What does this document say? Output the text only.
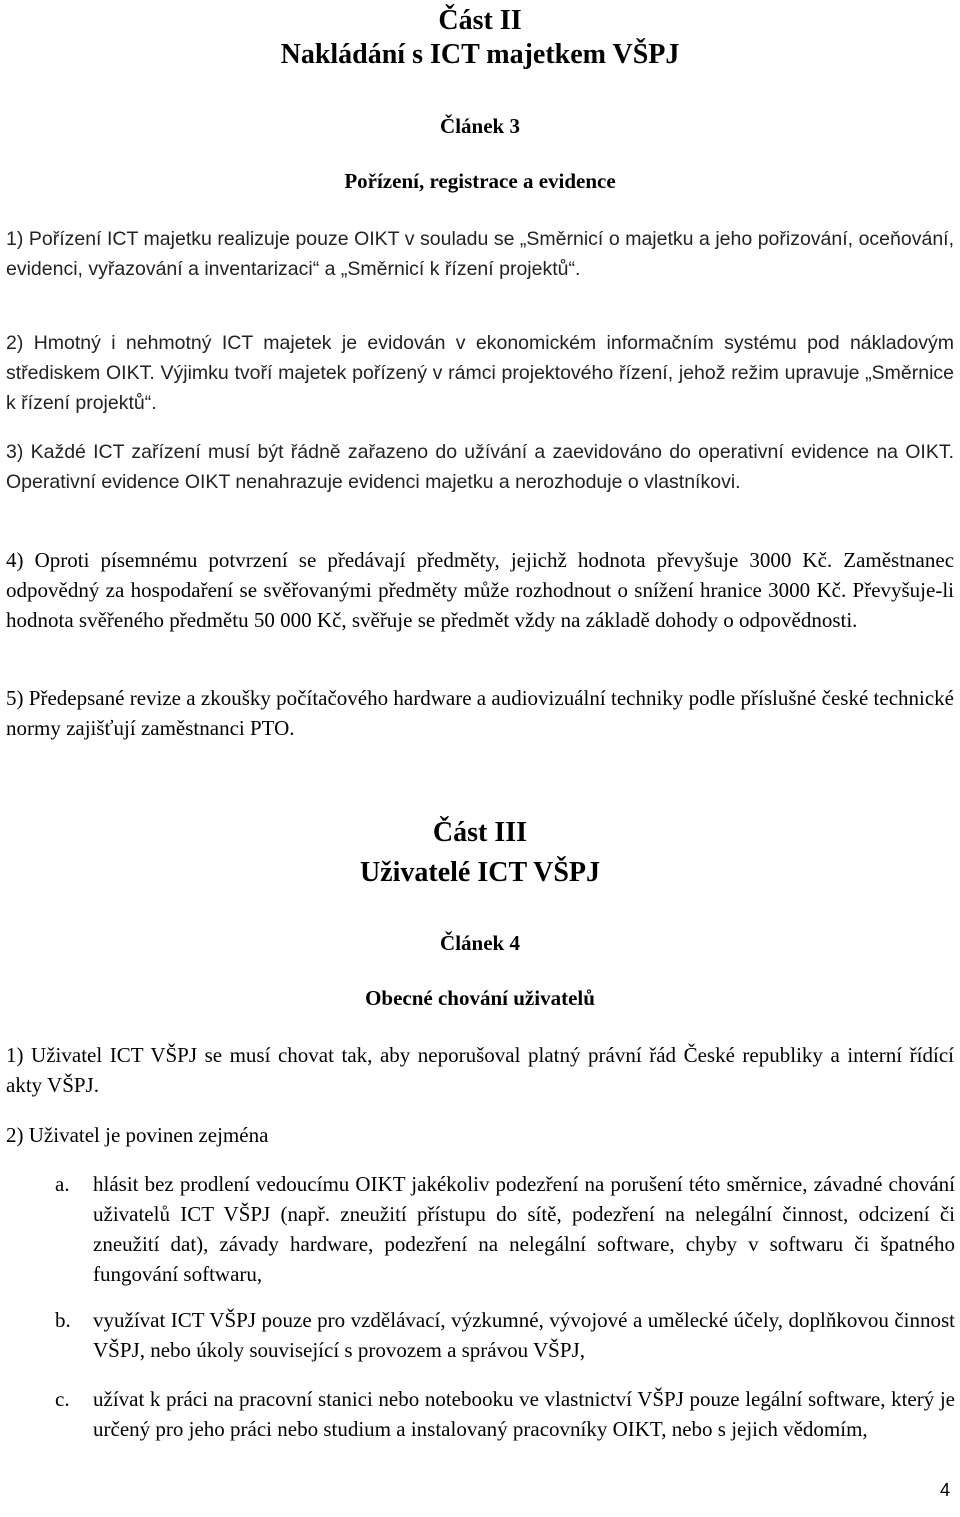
Část II
Nakládání s ICT majetkem VŠPJ
Článek 3
Pořízení, registrace a evidence
1) Pořízení ICT majetku realizuje pouze OIKT v souladu se „Směrnicí o majetku a jeho pořizování, oceňování, evidenci, vyřazování a inventarizaci“ a „Směrnicí k řízení projektů“.
2) Hmotný i nehmotný ICT majetek je evidován v ekonomickém informačním systému pod nákladovým střediskem OIKT. Výjimku tvoří majetek pořízený v rámci projektového řízení, jehož režim upravuje „Směrnice k řízení projektů“.
3) Každé ICT zařízení musí být řádně zařazeno do užívání a zaevidováno do operativní evidence na OIKT. Operativní evidence OIKT nenahrazuje evidenci majetku a nerozhoduje o vlastníkovi.
4) Oproti písemnému potvrzení se předávají předměty, jejichž hodnota převyšuje 3000 Kč. Zaměstnanec odpovědný za hospodaření se svěřovanými předměty může rozhodnout o snížení hranice 3000 Kč. Převyšuje-li hodnota svěřeného předmětu 50 000 Kč, svěřuje se předmět vždy na základě dohody o odpovědnosti.
5) Předepsané revize a zkoušky počítačového hardware a audiovizuální techniky podle příslušné české technické normy zajišťují zaměstnanci PTO.
Část III
Uživatelé ICT VŠPJ
Článek 4
Obecné chování uživatelů
1) Uživatel ICT VŠPJ se musí chovat tak, aby neporušoval platný právní řád České republiky a interní řídící akty VŠPJ.
2) Uživatel je povinen zejména
a. hlásit bez prodlení vedoucímu OIKT jakékoliv podezření na porušení této směrnice, závadné chování uživatelů ICT VŠPJ (např. zneužití přístupu do sítě, podezření na nelegální činnost, odcizení či zneužití dat), závady hardware, podezření na nelegální software, chyby v softwaru či špatného fungování softwaru,
b. využívat ICT VŠPJ pouze pro vzdělávací, výzkumné, vývojové a umělecké účely, doplňkovou činnost VŠPJ, nebo úkoly související s provozem a správou VŠPJ,
c. užívat k práci na pracovní stanici nebo notebooku ve vlastnictví VŠPJ pouze legální software, který je určený pro jeho práci nebo studium a instalovaný pracovníky OIKT, nebo s jejich vědomím,
4
